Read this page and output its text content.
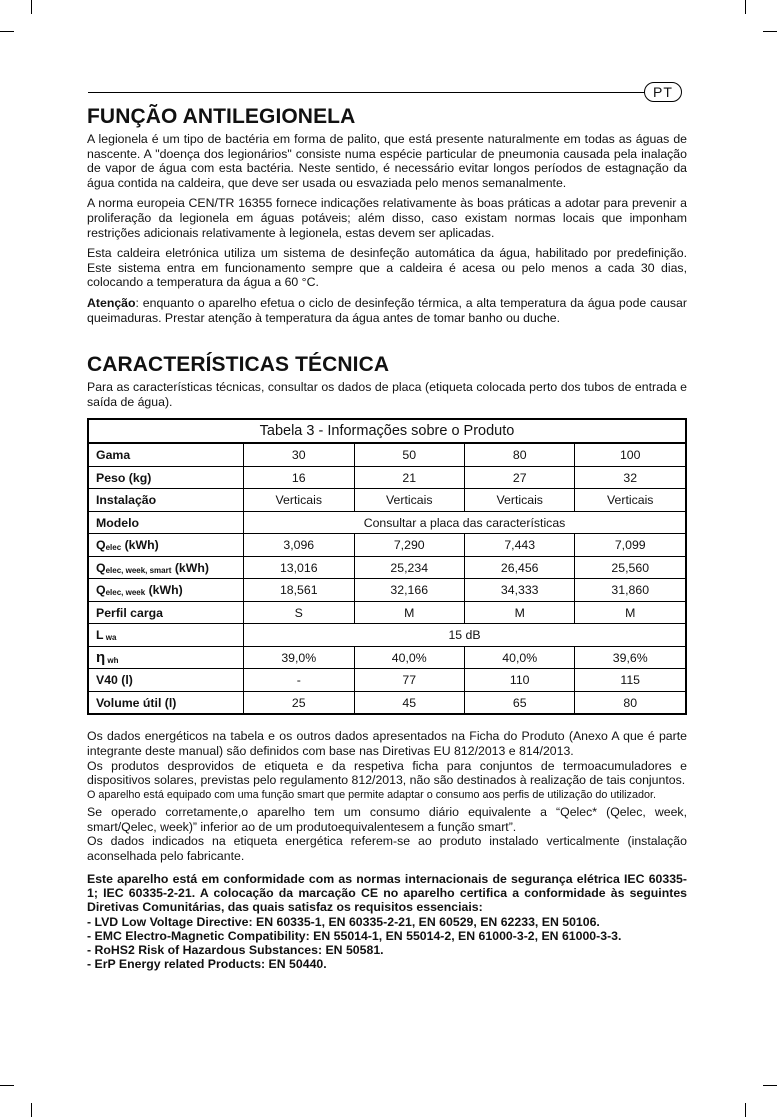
PT
FUNÇÃO ANTILEGIONELA

A legionela é um tipo de bactéria em forma de palito, que está presente naturalmente em todas as águas de nascente. A "doença dos legionários" consiste numa espécie particular de pneumonia causada pela inalação de vapor de água com esta bactéria. Neste sentido, é necessário evitar longos períodos de estagnação da água contida na caldeira, que deve ser usada ou esvaziada pelo menos semanalmente.

A norma europeia CEN/TR 16355 fornece indicações relativamente às boas práticas a adotar para prevenir a proliferação da legionela em águas potáveis; além disso, caso existam normas locais que imponham restrições adicionais relativamente à legionela, estas devem ser aplicadas.

Esta caldeira eletrónica utiliza um sistema de desinfeção automática da água, habilitado por predefinição. Este sistema entra em funcionamento sempre que a caldeira é acesa ou pelo menos a cada 30 dias, colocando a temperatura da água a 60 °C.

Atenção: enquanto o aparelho efetua o ciclo de desinfeção térmica, a alta temperatura da água pode causar queimaduras. Prestar atenção à temperatura da água antes de tomar banho ou duche.

CARACTERÍSTICAS TÉCNICA

Para as características técnicas, consultar os dados de placa (etiqueta colocada perto dos tubos de entrada e saída de água).

Tabela 3 - Informações sobre o Produto				
Gama	30	50	80	100
Peso (kg)	16	21	27	32
Instalação	Verticais	Verticais	Verticais	Verticais
Modelo	Consultar a placa das características			
$Q_{elec}$ (kWh)	3,096	7,290	7,443	7,099
$Q_{elec, week, smart}$ (kWh)	13,016	25,234	26,456	25,560
$Q_{elec, week}$ (kWh)	18,561	32,166	34,333	31,860
Perfil carga	S	M	M	M
L $_{wa}$	15 dB			
η $_{wh}$	39,0%	40,0%	40,0%	39,6%
V40 (l)	-	77	110	115
Volume útil (l)	25	45	65	80

Os dados energéticos na tabela e os outros dados apresentados na Ficha do Produto (Anexo A que é parte integrante deste manual) são definidos com base nas Diretivas EU 812/2013 e 814/2013.

Os produtos desprovidos de etiqueta e da respetiva ficha para conjuntos de termoacumuladores e dispositivos solares, previstas pelo regulamento 812/2013, não são destinados à realização de tais conjuntos.

O aparelho está equipado com uma função smart que permite adaptar o consumo aos perfis de utilização do utilizador.

Se operado corretamente,o aparelho tem um consumo diário equivalente a “Qelec* (Qelec, week, smart/Qelec, week)” inferior ao de um produtoequivalentesem a função smart”.

Os dados indicados na etiqueta energética referem-se ao produto instalado verticalmente (instalação aconselhada pelo fabricante.

Este aparelho está em conformidade com as normas internacionais de segurança elétrica IEC 60335-1; IEC 60335-2-21. A colocação da marcação CE no aparelho certifica a conformidade às seguintes Diretivas Comunitárias, das quais satisfaz os requisitos essenciais:

- LVD Low Voltage Directive: EN 60335-1, EN 60335-2-21, EN 60529, EN 62233, EN 50106.
- EMC Electro-Magnetic Compatibility: EN 55014-1, EN 55014-2, EN 61000-3-2, EN 61000-3-3.
- RoHS2 Risk of Hazardous Substances: EN 50581.
- ErP Energy related Products: EN 50440.
